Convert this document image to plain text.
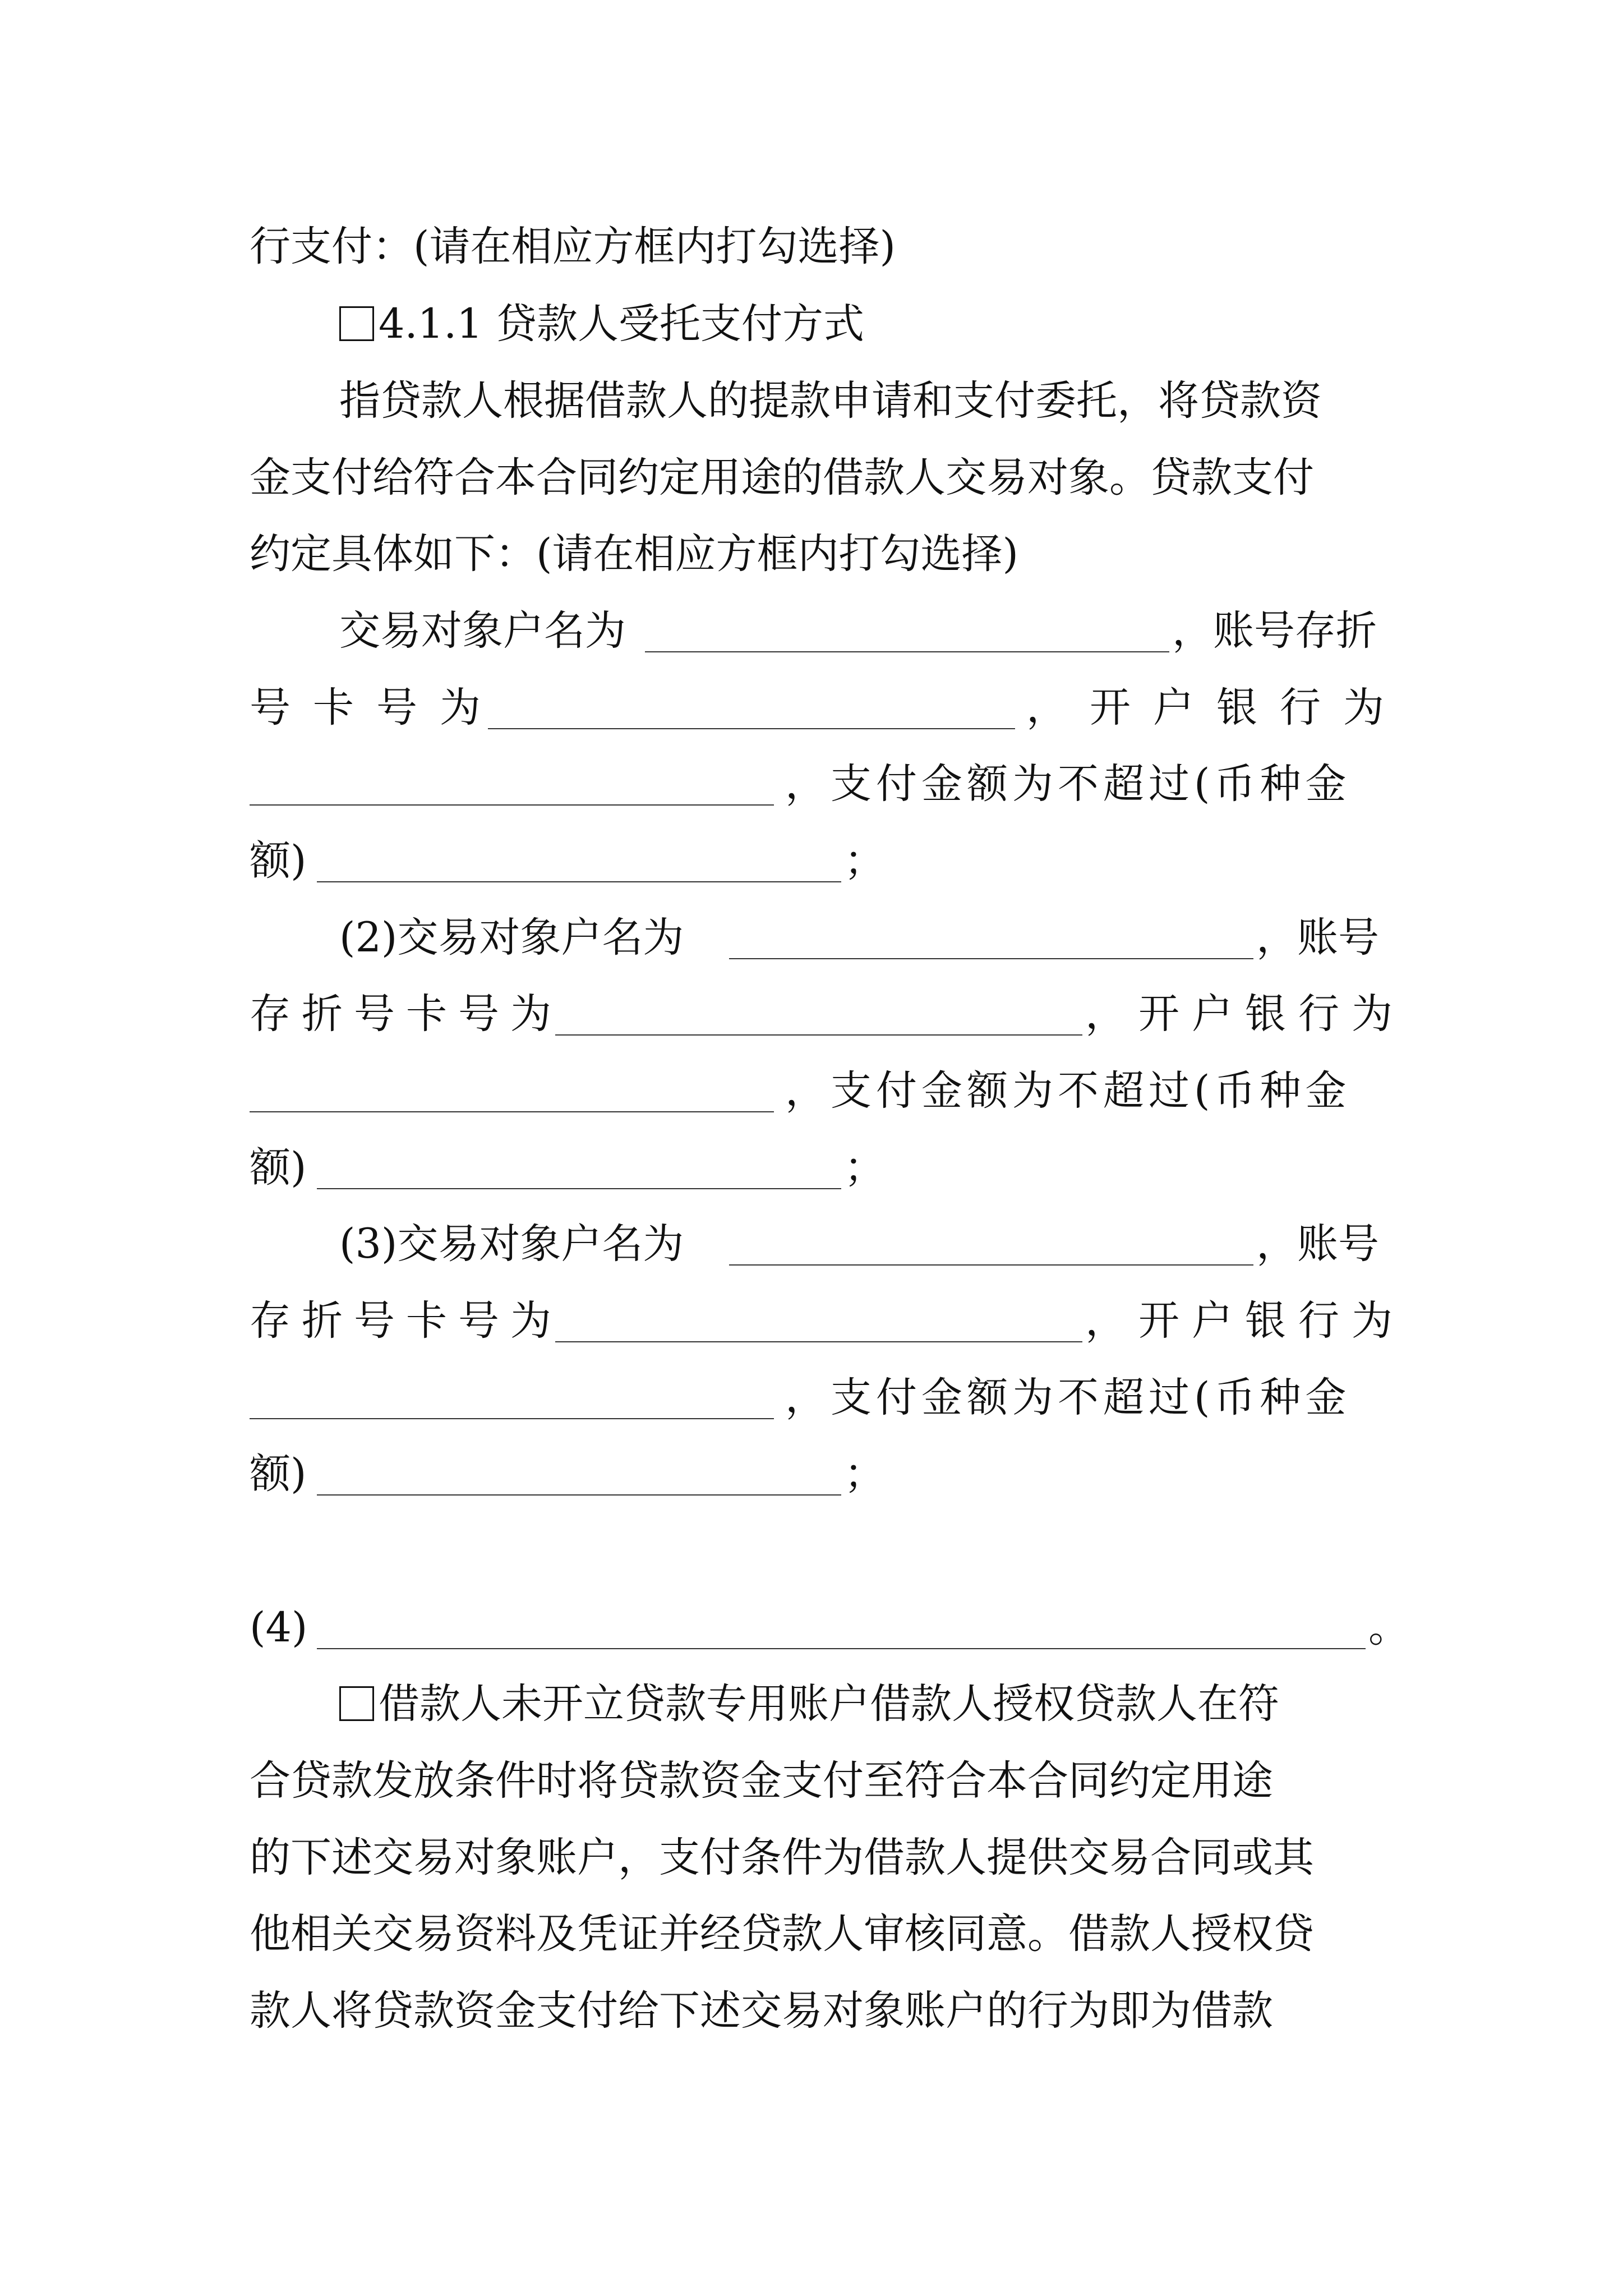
行支付：(请在相应方框内打勾选择)
4.1.1 贷款人受托支付方式
指贷款人根据借款人的提款申请和支付委托，将贷款资
金支付给符合本合同约定用途的借款人交易对象。贷款支付
约定具体如下：(请在相应方框内打勾选择)
交易对象户名为	，账号存折
号卡号为	，开户银行为
，支付金额为不超过(币种金
额)	；
(2)交易对象户名为	，账号
存折号卡号为	，开户银行为
，支付金额为不超过(币种金
额)	；
(3)交易对象户名为	，账号
存折号卡号为	，开户银行为
，支付金额为不超过(币种金
额)	；
(4)	。
借款人未开立贷款专用账户借款人授权贷款人在符
合贷款发放条件时将贷款资金支付至符合本合同约定用途
的下述交易对象账户，支付条件为借款人提供交易合同或其
他相关交易资料及凭证并经贷款人审核同意。借款人授权贷
款人将贷款资金支付给下述交易对象账户的行为即为借款
